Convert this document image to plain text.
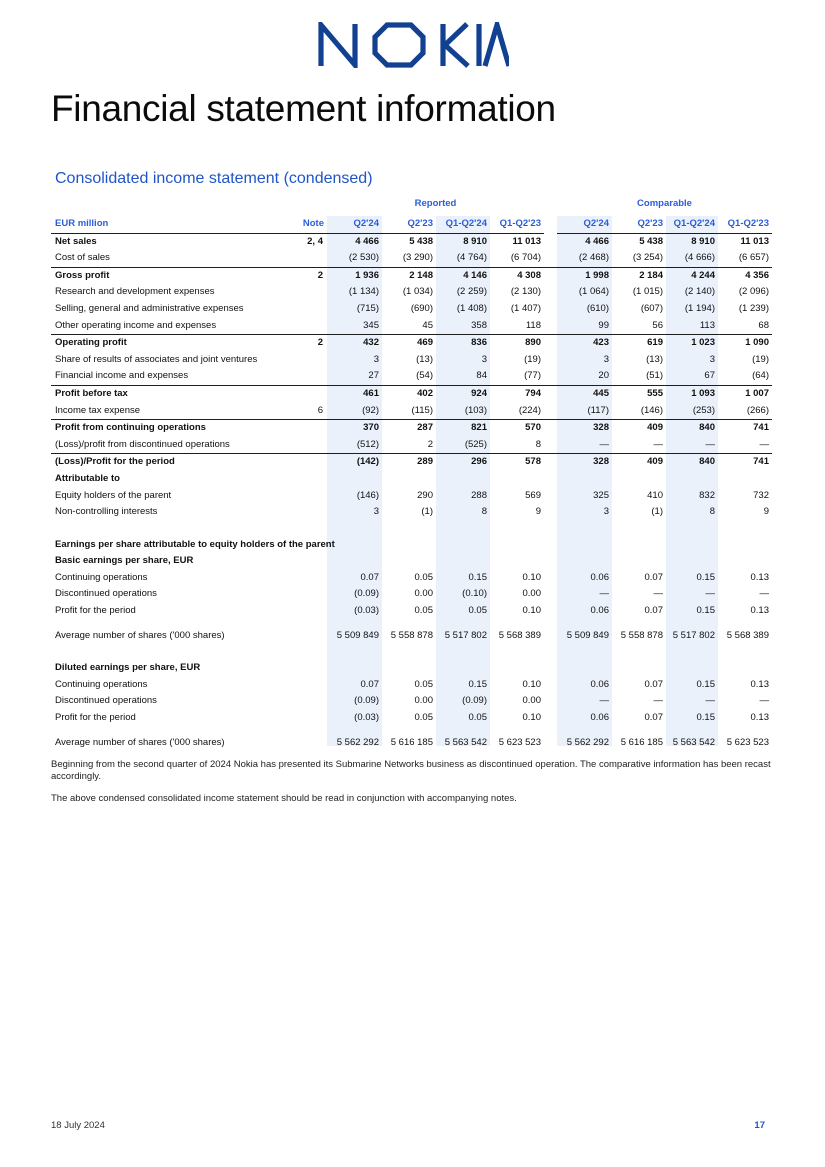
Financial statement information
Consolidated income statement (condensed)
Reported	Comparable
EUR million	Note	Q2'24	Q2'23	Q1-Q2'24	Q1-Q2'23		Q2'24	Q2'23	Q1-Q2'24	Q1-Q2'23
Net sales	2, 4	4 466	5 438	8 910	11 013		4 466	5 438	8 910	11 013
Cost of sales		(2 530)	(3 290)	(4 764)	(6 704)		(2 468)	(3 254)	(4 666)	(6 657)
Gross profit	2	1 936	2 148	4 146	4 308		1 998	2 184	4 244	4 356
Research and development expenses		(1 134)	(1 034)	(2 259)	(2 130)		(1 064)	(1 015)	(2 140)	(2 096)
Selling, general and administrative expenses		(715)	(690)	(1 408)	(1 407)		(610)	(607)	(1 194)	(1 239)
Other operating income and expenses		345	45	358	118		99	56	113	68
Operating profit	2	432	469	836	890		423	619	1 023	1 090
Share of results of associates and joint ventures		3	(13)	3	(19)		3	(13)	3	(19)
Financial income and expenses		27	(54)	84	(77)		20	(51)	67	(64)
Profit before tax		461	402	924	794		445	555	1 093	1 007
Income tax expense	6	(92)	(115)	(103)	(224)		(117)	(146)	(253)	(266)
Profit from continuing operations		370	287	821	570		328	409	840	741
(Loss)/profit from discontinued operations		(512)	2	(525)	8		—	—	—	—
(Loss)/Profit for the period		(142)	289	296	578		328	409	840	741
Attributable to										
Equity holders of the parent		(146)	290	288	569		325	410	832	732
Non-controlling interests		3	(1)	8	9		3	(1)	8	9

Earnings per share attributable to equity holders of the parent										
Basic earnings per share, EUR										
Continuing operations		0.07	0.05	0.15	0.10		0.06	0.07	0.15	0.13
Discontinued operations		(0.09)	0.00	(0.10)	0.00		—	—	—	—
Profit for the period		(0.03)	0.05	0.05	0.10		0.06	0.07	0.15	0.13

Average number of shares ('000 shares)		5 509 849	5 558 878	5 517 802	5 568 389		5 509 849	5 558 878	5 517 802	5 568 389

Diluted earnings per share, EUR										
Continuing operations		0.07	0.05	0.15	0.10		0.06	0.07	0.15	0.13
Discontinued operations		(0.09)	0.00	(0.09)	0.00		—	—	—	—
Profit for the period		(0.03)	0.05	0.05	0.10		0.06	0.07	0.15	0.13

Average number of shares ('000 shares)		5 562 292	5 616 185	5 563 542	5 623 523		5 562 292	5 616 185	5 563 542	5 623 523

Beginning from the second quarter of 2024 Nokia has presented its Submarine Networks business as discontinued operation. The comparative information has been recast accordingly.

The above condensed consolidated income statement should be read in conjunction with accompanying notes.

18 July 2024	17
